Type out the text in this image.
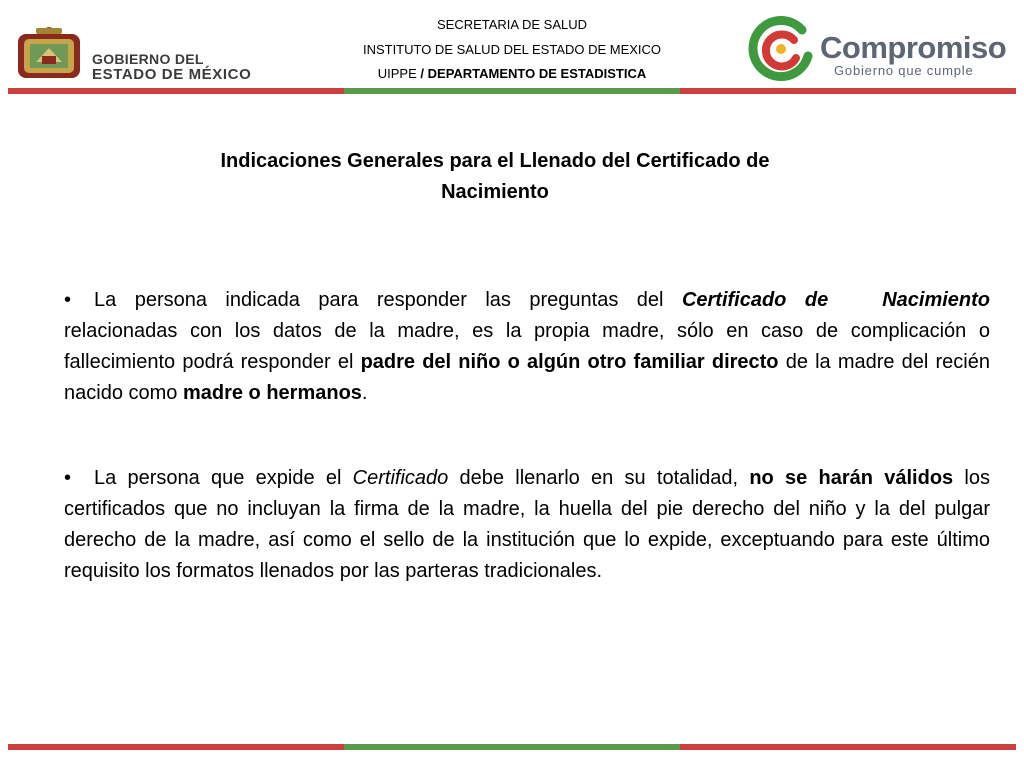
SECRETARIA DE SALUD
INSTITUTO DE SALUD DEL ESTADO DE MEXICO
UIPPE / DEPARTAMENTO DE ESTADISTICA
GOBIERNO DEL
ESTADO DE MÉXICO
Compromiso
Gobierno que cumple
Indicaciones Generales para el Llenado del Certificado de
Nacimiento
• La persona indicada para responder las preguntas del Certificado de	Nacimiento relacionadas con los datos de la madre, es la propia madre, sólo en caso de complicación o fallecimiento podrá responder el padre del niño o algún otro familiar directo de la madre del recién nacido como madre o hermanos.
• La persona que expide el Certificado debe llenarlo en su totalidad, no se harán válidos los certificados que no incluyan la firma de la madre, la huella del pie derecho del niño y la del pulgar derecho de la madre, así como el sello de la institución que lo expide, exceptuando para este último requisito los formatos llenados por las parteras tradicionales.
